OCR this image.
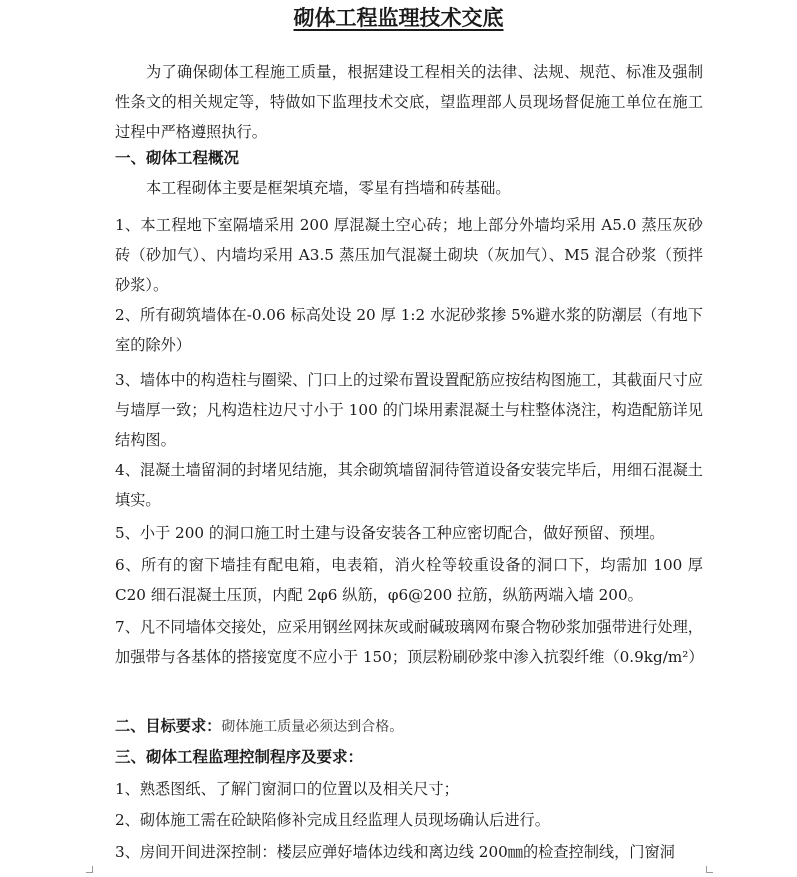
砌体工程监理技术交底

为了确保砌体工程施工质量，根据建设工程相关的法律、法规、规范、标准及强制性条文的相关规定等，特做如下监理技术交底，望监理部人员现场督促施工单位在施工过程中严格遵照执行。

一、砌体工程概况

本工程砌体主要是框架填充墙，零星有挡墙和砖基础。

1、本工程地下室隔墙采用 200 厚混凝土空心砖；地上部分外墙均采用 A5.0 蒸压灰砂砖（砂加气）、内墙均采用 A3.5 蒸压加气混凝土砌块（灰加气）、M5 混合砂浆（预拌砂浆）。

2、所有砌筑墙体在-0.06 标高处设 20 厚 1:2 水泥砂浆掺 5%避水浆的防潮层（有地下室的除外）

3、墙体中的构造柱与圈梁、门口上的过梁布置设置配筋应按结构图施工，其截面尺寸应与墙厚一致；凡构造柱边尺寸小于 100 的门垛用素混凝土与柱整体浇注，构造配筋详见结构图。

4、混凝土墙留洞的封堵见结施，其余砌筑墙留洞待管道设备安装完毕后，用细石混凝土填实。

5、小于 200 的洞口施工时土建与设备安装各工种应密切配合，做好预留、预埋。

6、所有的窗下墙挂有配电箱，电表箱，消火栓等较重设备的洞口下，均需加 100 厚C20 细石混凝土压顶，内配 2φ6 纵筋，φ6@200 拉筋，纵筋两端入墙 200。

7、凡不同墙体交接处，应采用钢丝网抹灰或耐碱玻璃网布聚合物砂浆加强带进行处理，加强带与各基体的搭接宽度不应小于 150；顶层粉刷砂浆中渗入抗裂纤维（0.9kg/m²）

二、目标要求：砌体施工质量必须达到合格。

三、砌体工程监理控制程序及要求：

1、熟悉图纸、了解门窗洞口的位置以及相关尺寸；

2、砌体施工需在砼缺陷修补完成且经监理人员现场确认后进行。

3、房间开间进深控制：楼层应弹好墙体边线和离边线 200㎜的检查控制线，门窗洞
